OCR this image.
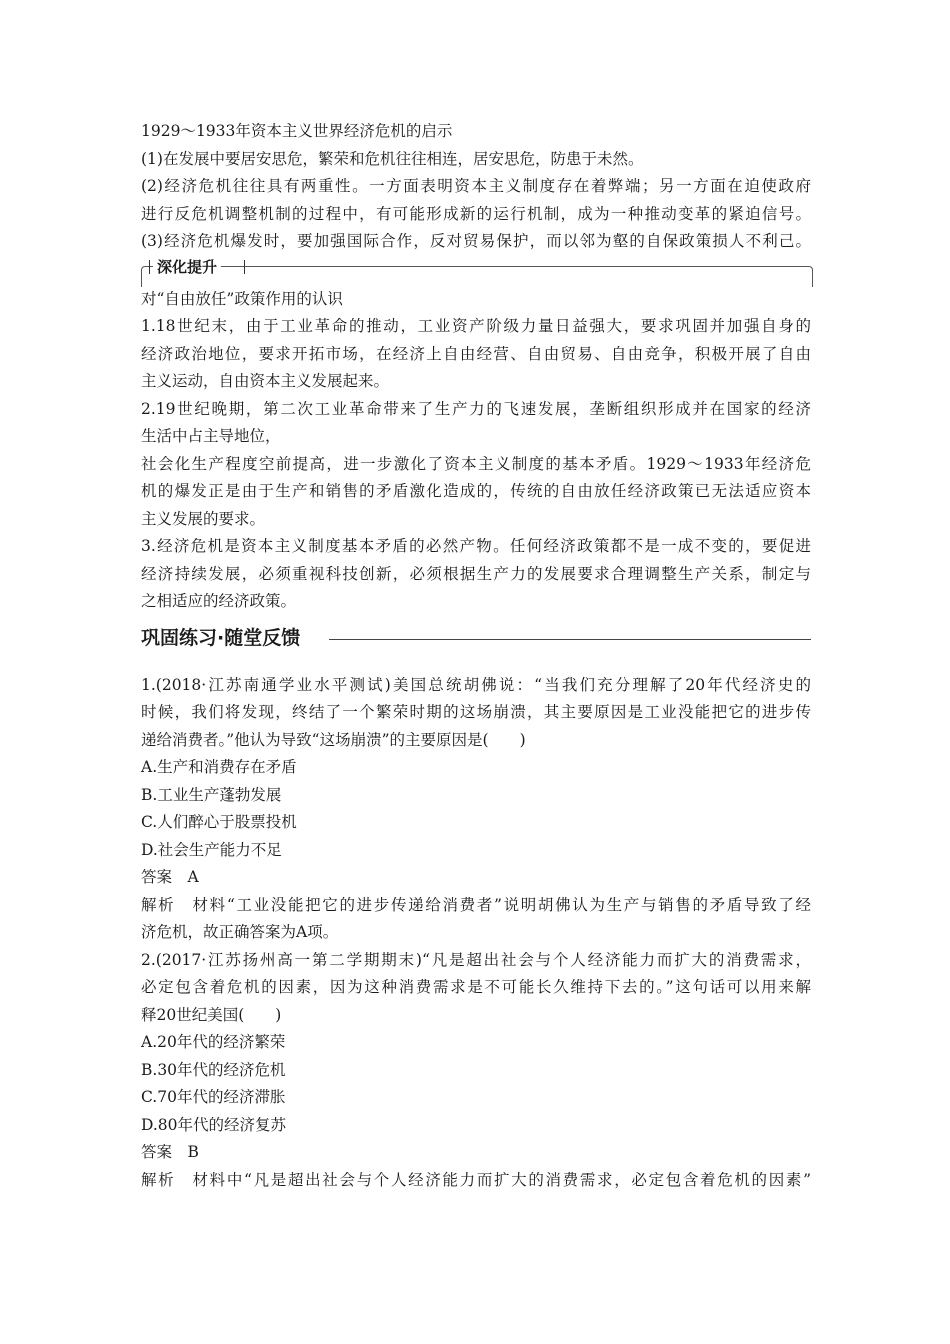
1929～1933年资本主义世界经济危机的启示
(1)在发展中要居安思危，繁荣和危机往往相连，居安思危，防患于未然。
(2)经济危机往往具有两重性。一方面表明资本主义制度存在着弊端；另一方面在迫使政府
进行反危机调整机制的过程中，有可能形成新的运行机制，成为一种推动变革的紧迫信号。
(3)经济危机爆发时，要加强国际合作，反对贸易保护，而以邻为壑的自保政策损人不利己。
深化提升
对“自由放任”政策作用的认识
1.18世纪末，由于工业革命的推动，工业资产阶级力量日益强大，要求巩固并加强自身的
经济政治地位，要求开拓市场，在经济上自由经营、自由贸易、自由竞争，积极开展了自由
主义运动，自由资本主义发展起来。
2.19世纪晚期，第二次工业革命带来了生产力的飞速发展，垄断组织形成并在国家的经济
生活中占主导地位，
社会化生产程度空前提高，进一步激化了资本主义制度的基本矛盾。1929～1933年经济危
机的爆发正是由于生产和销售的矛盾激化造成的，传统的自由放任经济政策已无法适应资本
主义发展的要求。
3.经济危机是资本主义制度基本矛盾的必然产物。任何经济政策都不是一成不变的，要促进
经济持续发展，必须重视科技创新，必须根据生产力的发展要求合理调整生产关系，制定与
之相适应的经济政策。
巩固练习·随堂反馈
1.(2018·江苏南通学业水平测试)美国总统胡佛说：“当我们充分理解了20年代经济史的
时候，我们将发现，终结了一个繁荣时期的这场崩溃，其主要原因是工业没能把它的进步传
递给消费者。”他认为导致“这场崩溃”的主要原因是(　　)
A.生产和消费存在矛盾
B.工业生产蓬勃发展
C.人们醉心于股票投机
D.社会生产能力不足
答案　A
解析　材料“工业没能把它的进步传递给消费者”说明胡佛认为生产与销售的矛盾导致了经
济危机，故正确答案为A项。
2.(2017·江苏扬州高一第二学期期末)“凡是超出社会与个人经济能力而扩大的消费需求，
必定包含着危机的因素，因为这种消费需求是不可能长久维持下去的。”这句话可以用来解
释20世纪美国(　　)
A.20年代的经济繁荣
B.30年代的经济危机
C.70年代的经济滞胀
D.80年代的经济复苏
答案　B
解析　材料中“凡是超出社会与个人经济能力而扩大的消费需求，必定包含着危机的因素”
